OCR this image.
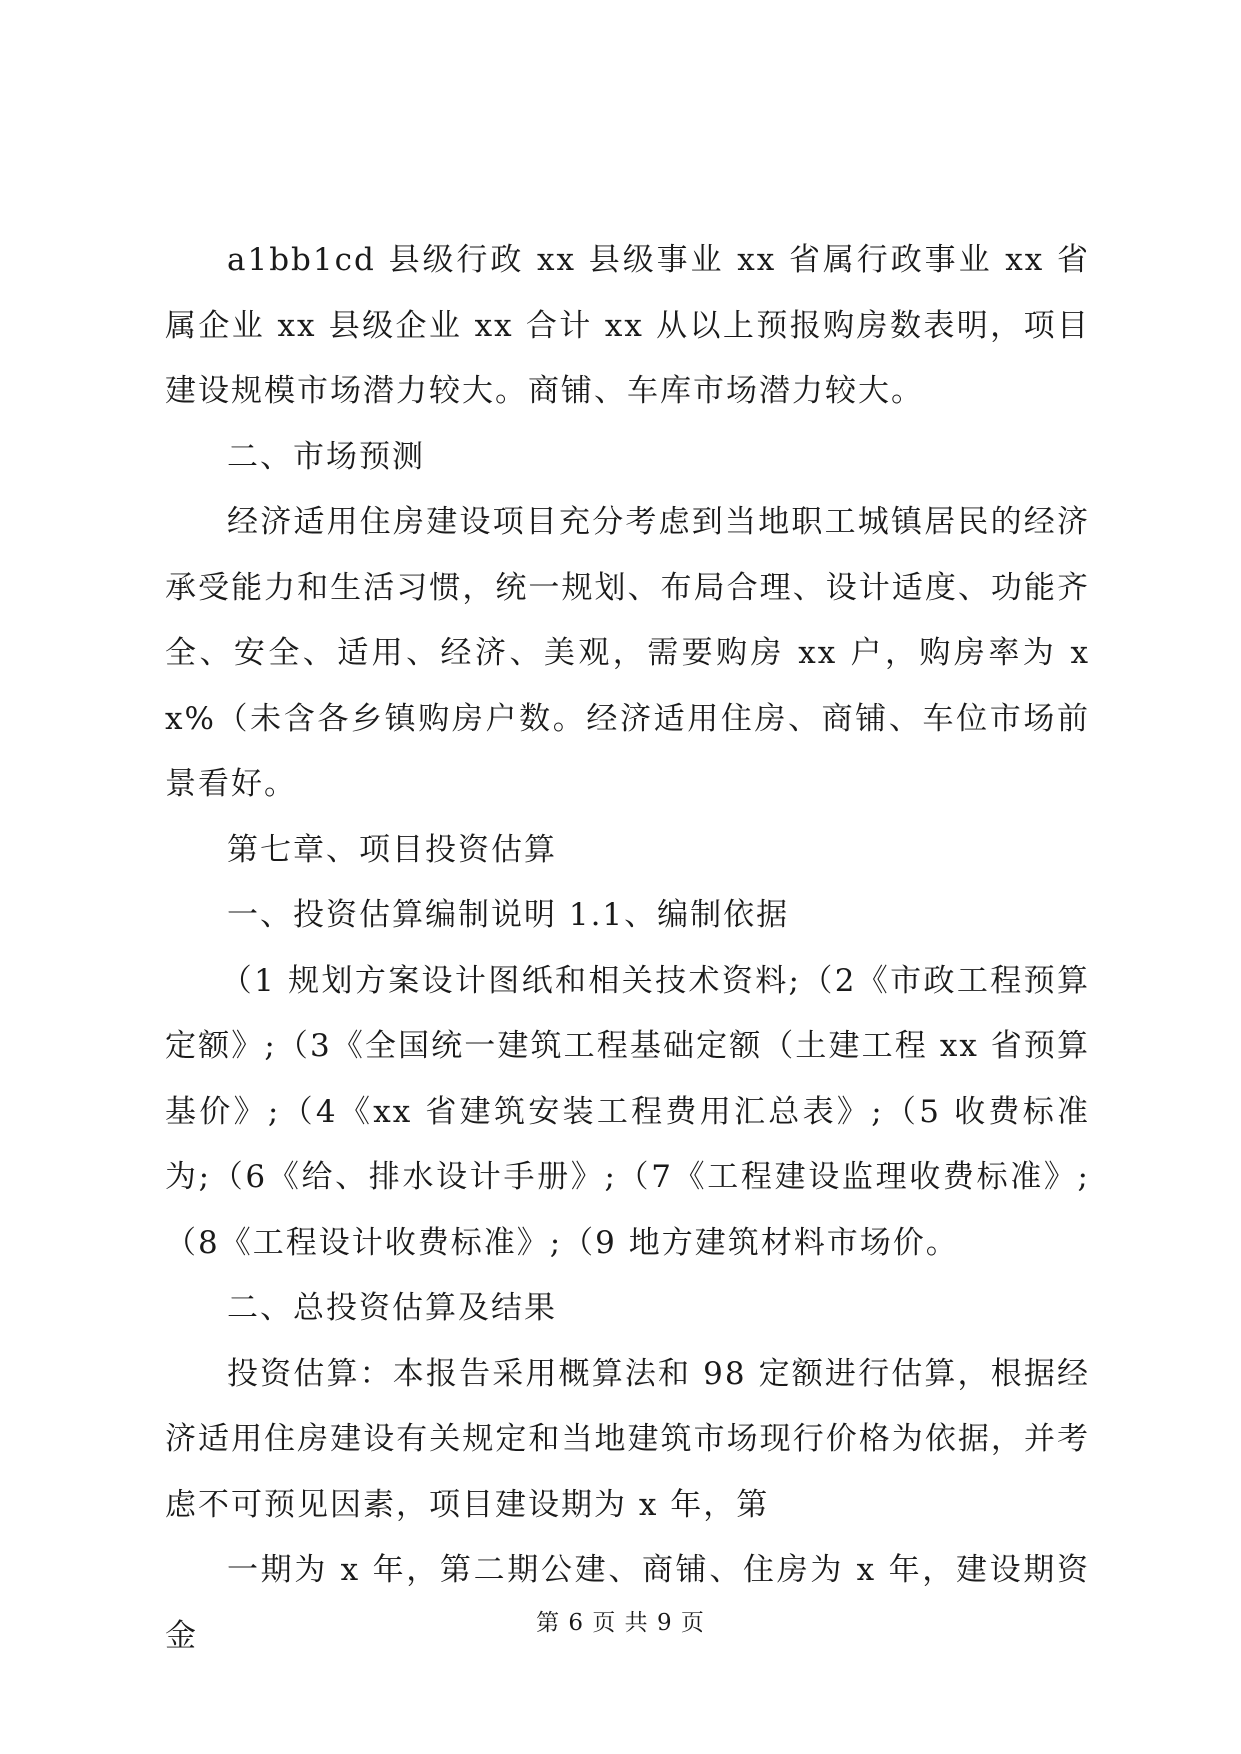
a1bb1cd 县级行政 xx 县级事业 xx 省属行政事业 xx 省属企业 xx 县级企业 xx 合计 xx 从以上预报购房数表明，项目建设规模市场潜力较大。商铺、车库市场潜力较大。

二、市场预测

经济适用住房建设项目充分考虑到当地职工城镇居民的经济承受能力和生活习惯，统一规划、布局合理、设计适度、功能齐全、安全、适用、经济、美观，需要购房 xx 户，购房率为 xx%（未含各乡镇购房户数。经济适用住房、商铺、车位市场前景看好。

第七章、项目投资估算

一、投资估算编制说明 1.1、编制依据

（1 规划方案设计图纸和相关技术资料;（2《市政工程预算定额》;（3《全国统一建筑工程基础定额（土建工程 xx 省预算基价》;（4《xx 省建筑安装工程费用汇总表》;（5 收费标准为;（6《给、排水设计手册》;（7《工程建设监理收费标准》;（8《工程设计收费标准》;（9 地方建筑材料市场价。

二、总投资估算及结果

投资估算：本报告采用概算法和 98 定额进行估算，根据经济适用住房建设有关规定和当地建筑市场现行价格为依据，并考虑不可预见因素，项目建设期为 x 年，第

一期为 x 年，第二期公建、商铺、住房为 x 年，建设期资金	第 6 页 共 9 页
